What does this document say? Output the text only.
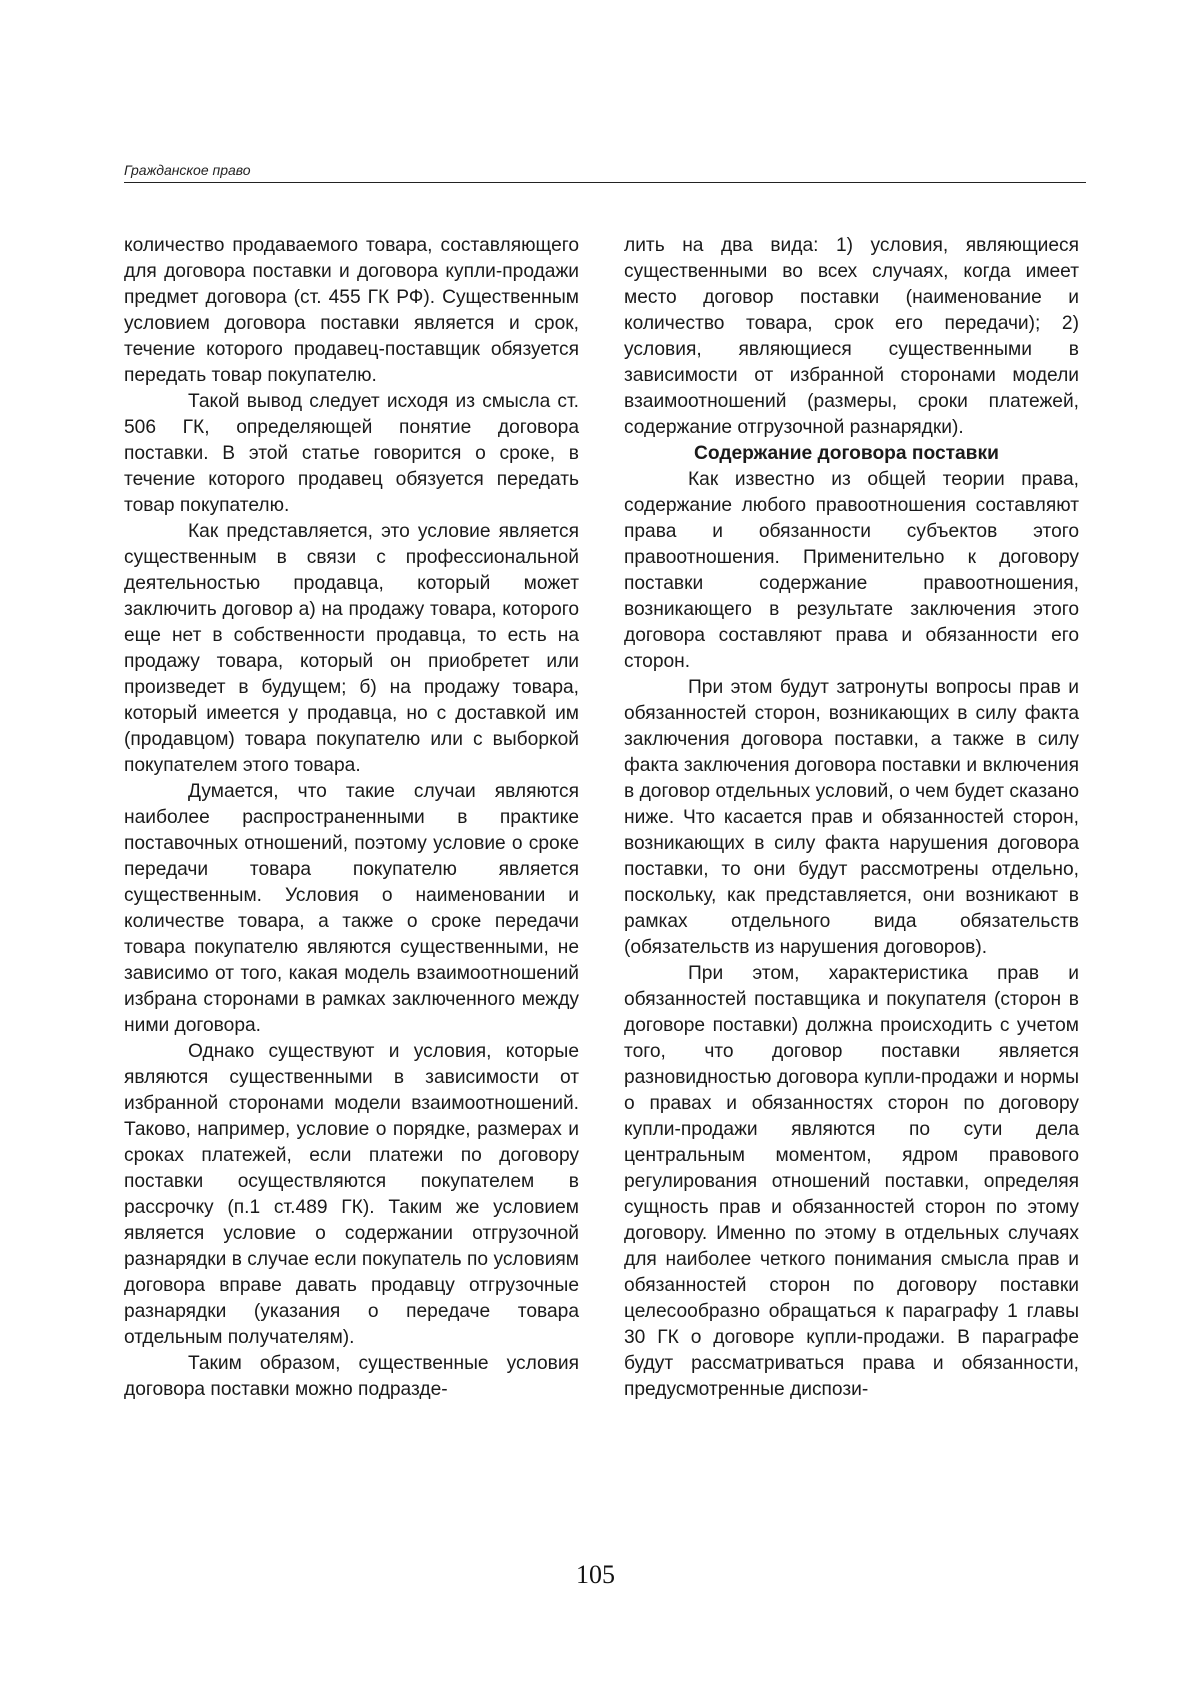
Гражданское право

количество продаваемого товара, составляющего для договора поставки и договора купли-продажи предмет договора (ст. 455 ГК РФ). Существенным условием договора поставки является и срок, течение которого продавец-поставщик обязуется передать товар покупателю.

Такой вывод следует исходя из смысла ст. 506 ГК, определяющей понятие договора поставки. В этой статье говорится о сроке, в течение которого продавец обязуется передать товар покупателю.

Как представляется, это условие является существенным в связи с профессиональной деятельностью продавца, который может заключить договор а) на продажу товара, которого еще нет в собственности продавца, то есть на продажу товара, который он приобретет или произведет в будущем; б) на продажу товара, который имеется у продавца, но с доставкой им (продавцом) товара покупателю или с выборкой покупателем этого товара.

Думается, что такие случаи являются наиболее распространенными в практике поставочных отношений, поэтому условие о сроке передачи товара покупателю является существенным. Условия о наименовании и количестве товара, а также о сроке передачи товара покупателю являются существенными, не зависимо от того, какая модель взаимоотношений избрана сторонами в рамках заключенного между ними договора.

Однако существуют и условия, которые являются существенными в зависимости от избранной сторонами модели взаимоотношений. Таково, например, условие о порядке, размерах и сроках платежей, если платежи по договору поставки осуществляются покупателем в рассрочку (п.1 ст.489 ГК). Таким же условием является условие о содержании отгрузочной разнарядки в случае если покупатель по условиям договора вправе давать продавцу отгрузочные разнарядки (указания о передаче товара отдельным получателям).

Таким образом, существенные условия договора поставки можно подразде-

лить на два вида: 1) условия, являющиеся существенными во всех случаях, когда имеет место договор поставки (наименование и количество товара, срок его передачи); 2) условия, являющиеся существенными в зависимости от избранной сторонами модели взаимоотношений (размеры, сроки платежей, содержание отгрузочной разнарядки).

Содержание договора поставки

Как известно из общей теории права, содержание любого правоотношения составляют права и обязанности субъектов этого правоотношения. Применительно к договору поставки содержание правоотношения, возникающего в результате заключения этого договора составляют права и обязанности его сторон.

При этом будут затронуты вопросы прав и обязанностей сторон, возникающих в силу факта заключения договора поставки, а также в силу факта заключения договора поставки и включения в договор отдельных условий, о чем будет сказано ниже. Что касается прав и обязанностей сторон, возникающих в силу факта нарушения договора поставки, то они будут рассмотрены отдельно, поскольку, как представляется, они возникают в рамках отдельного вида обязательств (обязательств из нарушения договоров).

При этом, характеристика прав и обязанностей поставщика и покупателя (сторон в договоре поставки) должна происходить с учетом того, что договор поставки является разновидностью договора купли-продажи и нормы о правах и обязанностях сторон по договору купли-продажи являются по сути дела центральным моментом, ядром правового регулирования отношений поставки, определяя сущность прав и обязанностей сторон по этому договору. Именно по этому в отдельных случаях для наиболее четкого понимания смысла прав и обязанностей сторон по договору поставки целесообразно обращаться к параграфу 1 главы 30 ГК о договоре купли-продажи. В параграфе будут рассматриваться права и обязанности, предусмотренные диспози-

105
